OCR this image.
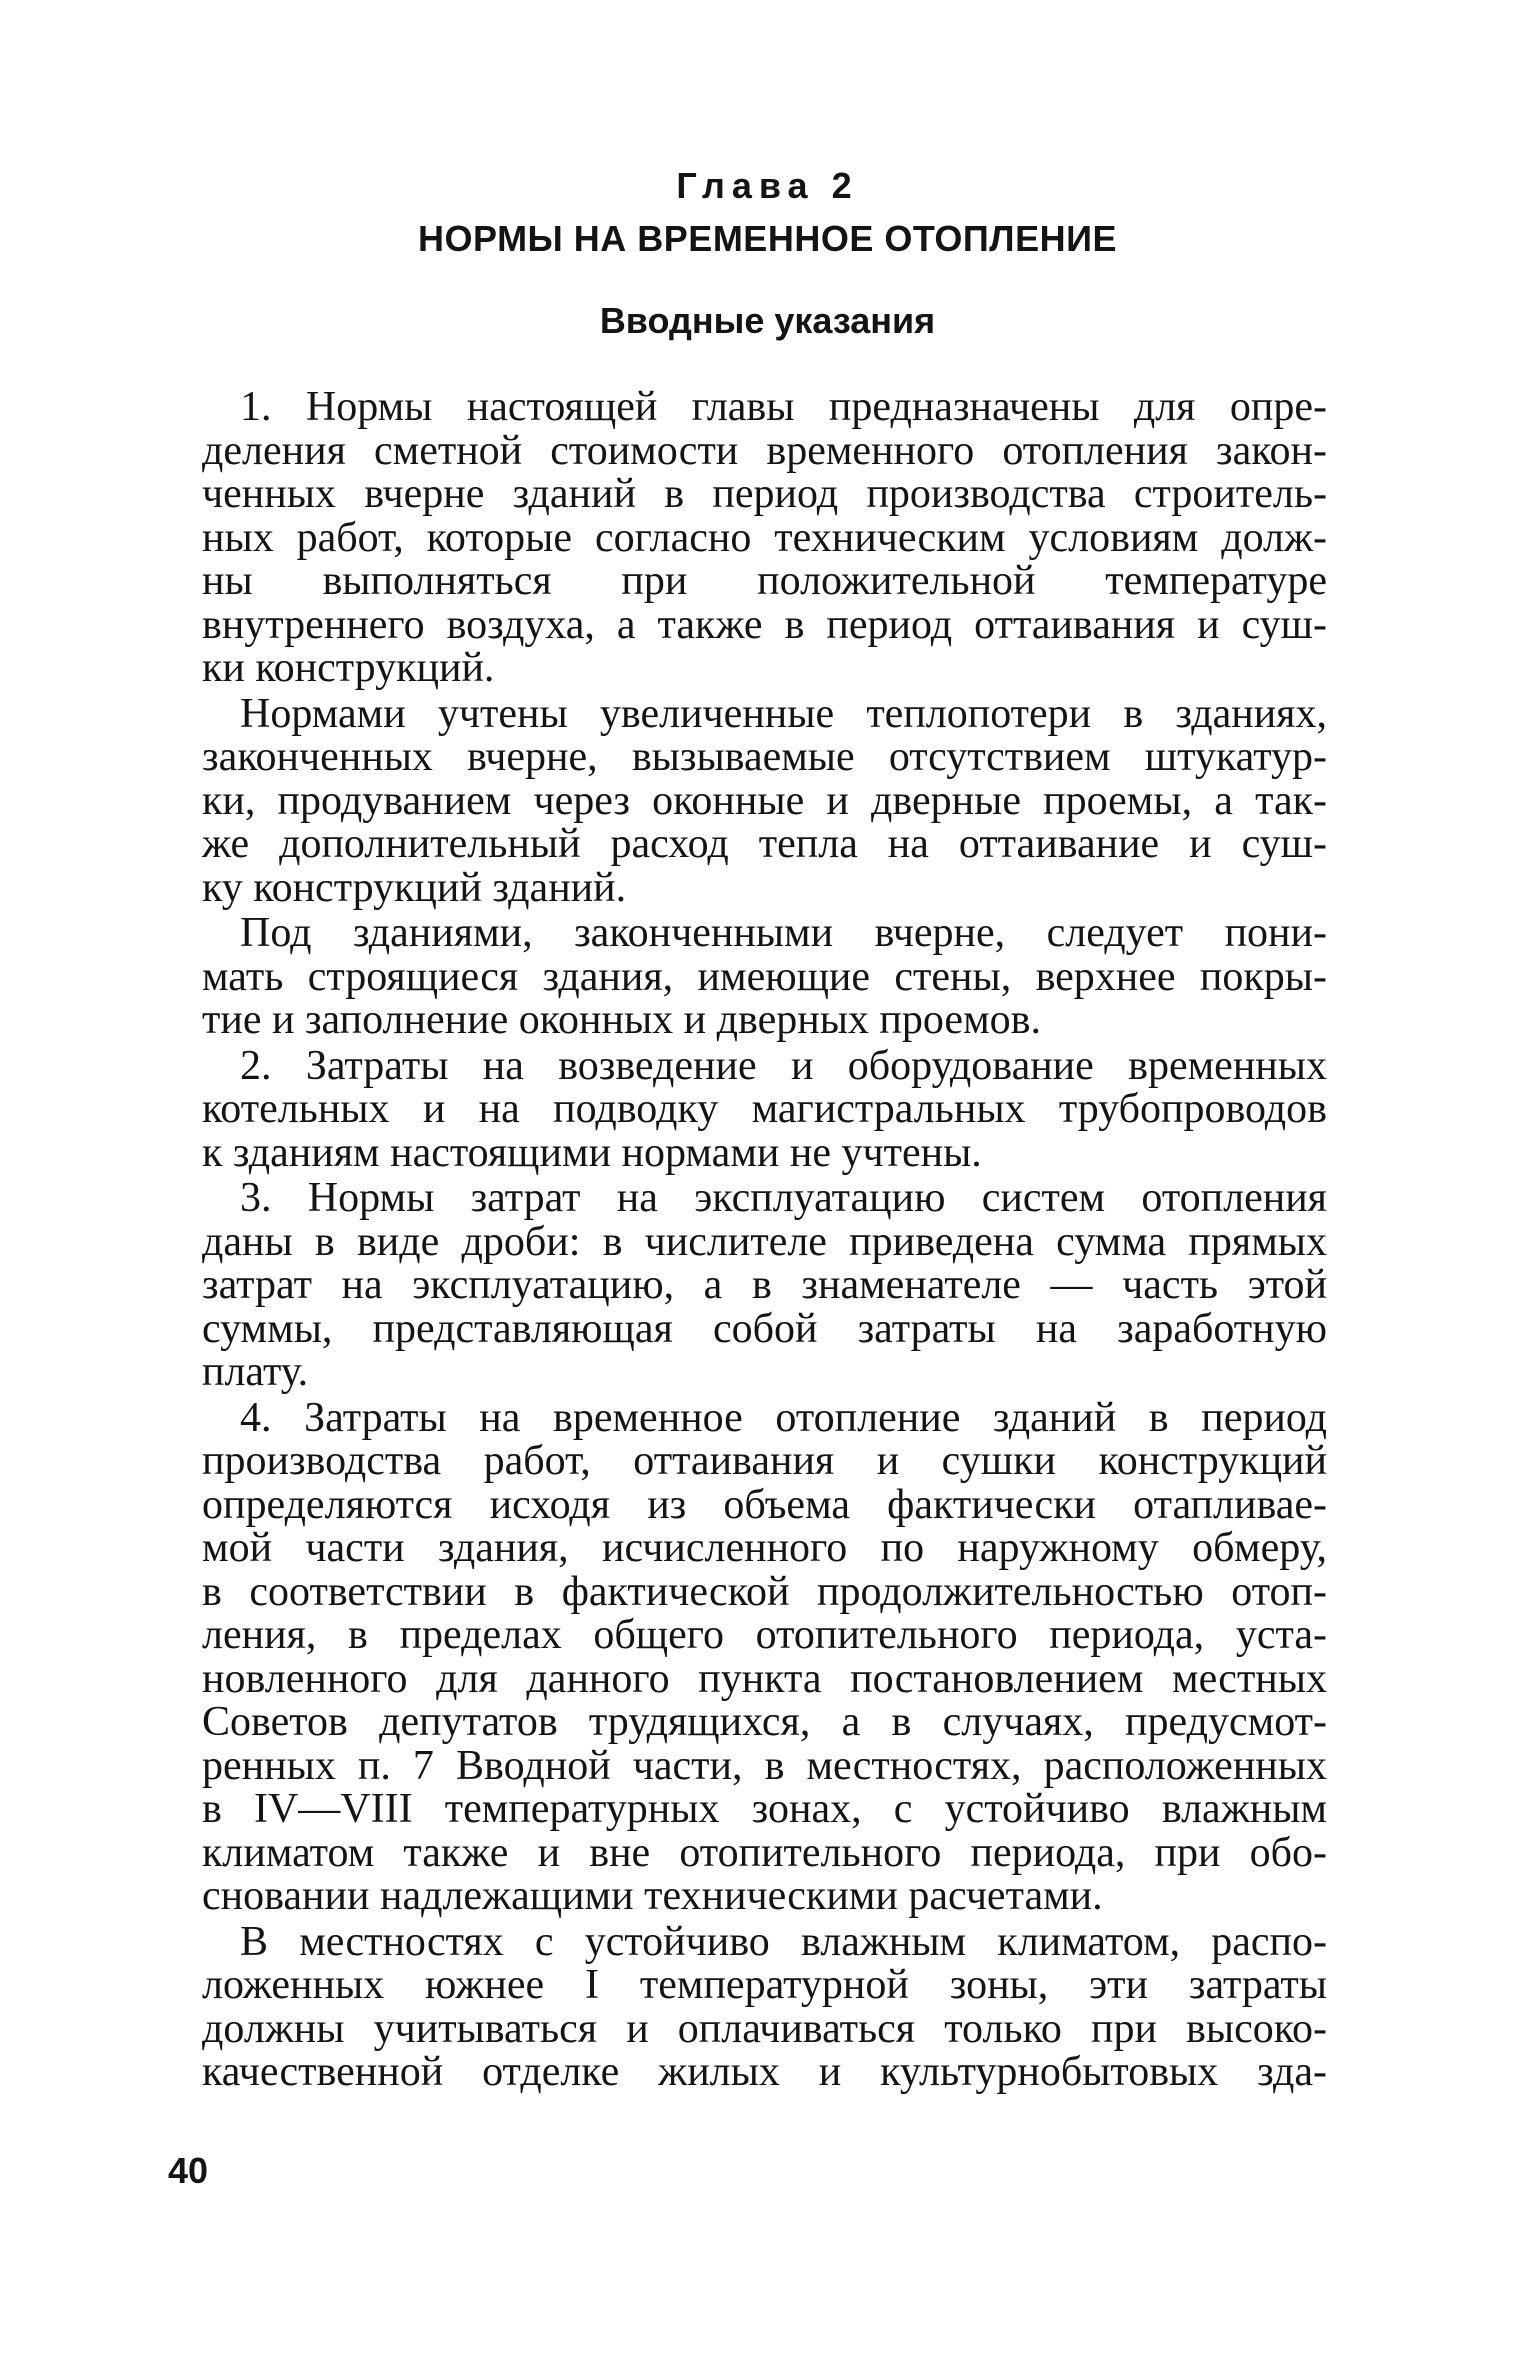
Глава 2
НОРМЫ НА ВРЕМЕННОЕ ОТОПЛЕНИЕ
Вводные указания

1. Нормы настоящей главы предназначены для опре-
деления сметной стоимости временного отопления закон-
ченных вчерне зданий в период производства строитель-
ных работ, которые согласно техническим условиям долж-
ны выполняться при положительной температуре
внутреннего воздуха, а также в период оттаивания и суш-
ки конструкций.

Нормами учтены увеличенные теплопотери в зданиях,
законченных вчерне, вызываемые отсутствием штукатур-
ки, продуванием через оконные и дверные проемы, а так-
же дополнительный расход тепла на оттаивание и суш-
ку конструкций зданий.

Под зданиями, законченными вчерне, следует пони-
мать строящиеся здания, имеющие стены, верхнее покры-
тие и заполнение оконных и дверных проемов.

2. Затраты на возведение и оборудование временных
котельных и на подводку магистральных трубопроводов
к зданиям настоящими нормами не учтены.

3. Нормы затрат на эксплуатацию систем отопления
даны в виде дроби: в числителе приведена сумма прямых
затрат на эксплуатацию, а в знаменателе — часть этой
суммы, представляющая собой затраты на заработную
плату.

4. Затраты на временное отопление зданий в период
производства работ, оттаивания и сушки конструкций
определяются исходя из объема фактически отапливае-
мой части здания, исчисленного по наружному обмеру,
в соответствии в фактической продолжительностью отоп-
ления, в пределах общего отопительного периода, уста-
новленного для данного пункта постановлением местных
Советов депутатов трудящихся, а в случаях, предусмот-
ренных п. 7 Вводной части, в местностях, расположенных
в IV—VIII температурных зонах, с устойчиво влажным
климатом также и вне отопительного периода, при обо-
сновании надлежащими техническими расчетами.

В местностях с устойчиво влажным климатом, распо-
ложенных южнее I температурной зоны, эти затраты
должны учитываться и оплачиваться только при высоко-
качественной отделке жилых и культурнобытовых зда-

40
